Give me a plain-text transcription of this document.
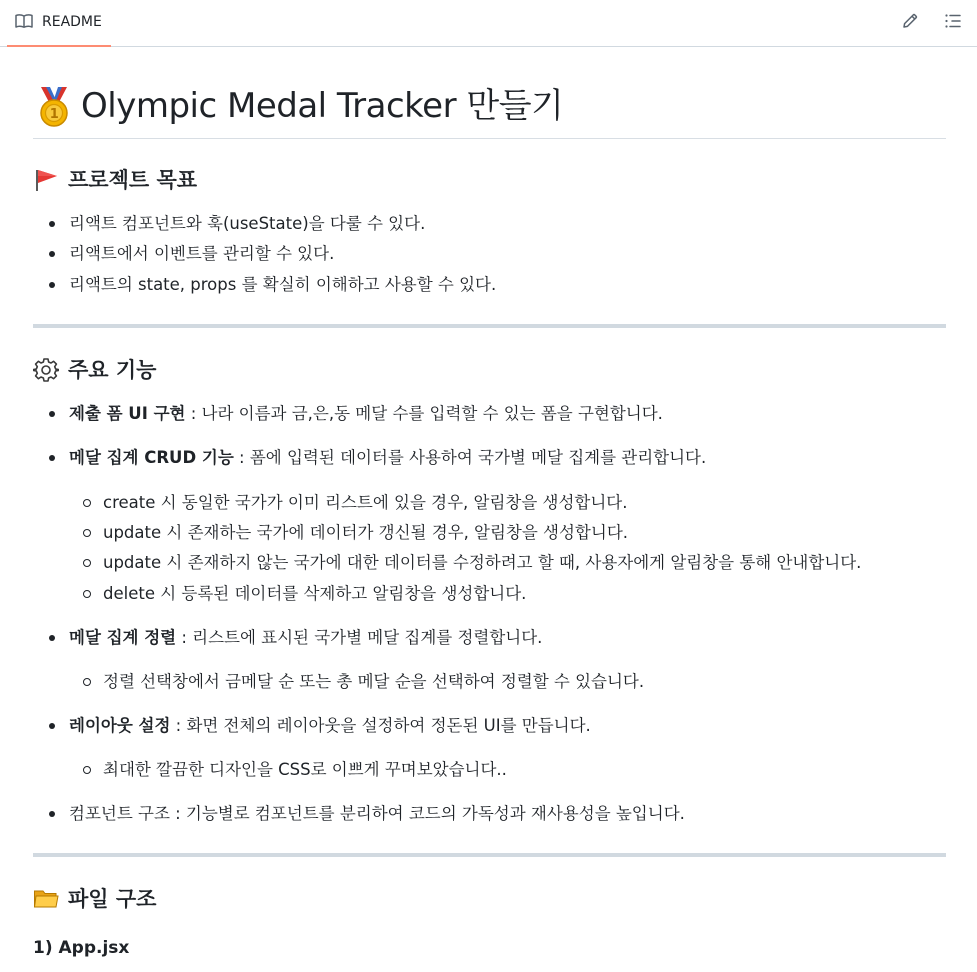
README
1 Olympic Medal Tracker 만들기
프로젝트 목표
리액트 컴포넌트와 훅(useState)을 다룰 수 있다.
리액트에서 이벤트를 관리할 수 있다.
리액트의 state, props 를 확실히 이해하고 사용할 수 있다.
주요 기능
제출 폼 UI 구현 : 나라 이름과 금,은,동 메달 수를 입력할 수 있는 폼을 구현합니다.
메달 집계 CRUD 기능 : 폼에 입력된 데이터를 사용하여 국가별 메달 집계를 관리합니다.
create 시 동일한 국가가 이미 리스트에 있을 경우, 알림창을 생성합니다.
update 시 존재하는 국가에 데이터가 갱신될 경우, 알림창을 생성합니다.
update 시 존재하지 않는 국가에 대한 데이터를 수정하려고 할 때, 사용자에게 알림창을 통해 안내합니다.
delete 시 등록된 데이터를 삭제하고 알림창을 생성합니다.
메달 집계 정렬 : 리스트에 표시된 국가별 메달 집계를 정렬합니다.
정렬 선택창에서 금메달 순 또는 총 메달 순을 선택하여 정렬할 수 있습니다.
레이아웃 설정 : 화면 전체의 레이아웃을 설정하여 정돈된 UI를 만듭니다.
최대한 깔끔한 디자인을 CSS로 이쁘게 꾸며보았습니다..
컴포넌트 구조 : 기능별로 컴포넌트를 분리하여 코드의 가독성과 재사용성을 높입니다.
파일 구조
1) App.jsx
